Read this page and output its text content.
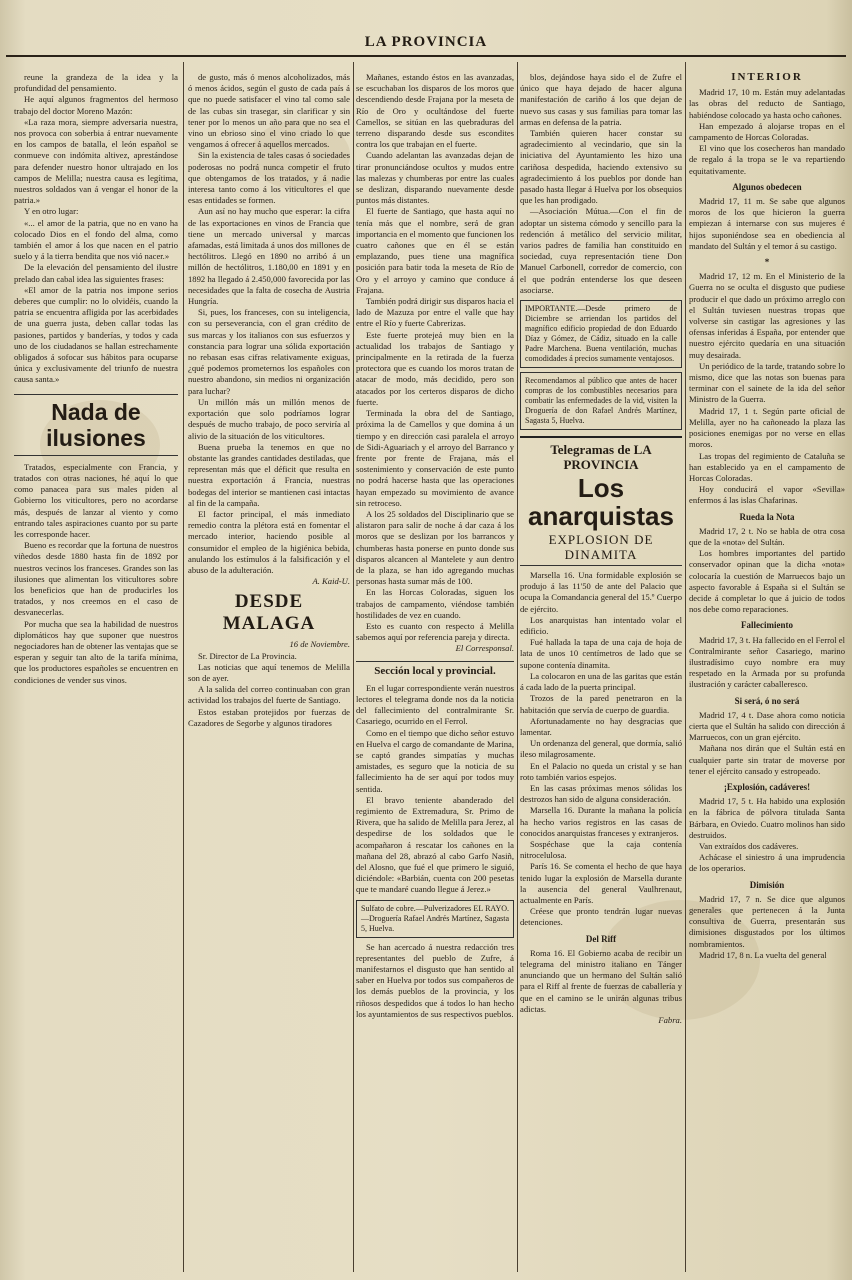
LA PROVINCIA

reune la grandeza de la idea y la profundidad del pensamiento.

He aquí algunos fragmentos del hermoso trabajo del doctor Moreno Mazón:

«La raza mora, siempre adversaria nuestra, nos provoca con soberbia á entrar nuevamente en los campos de batalla, el león español se conmueve con indómita altivez, aprestándose para defender nuestro honor ultrajado en los campos de Melilla; nuestra causa es legítima, nuestros soldados van á vengar el honor de la patria.»

Y en otro lugar:

«... el amor de la patria, que no en vano ha colocado Dios en el fondo del alma, como también el amor á los que nacen en el patrio suelo y á la tierra bendita que nos vió nacer.»

De la elevación del pensamiento del ilustre prelado dan cabal idea las siguientes frases:

«El amor de la patria nos impone serios deberes que cumplir: no lo olvidéis, cuando la patria se encuentra afligida por las acerbidades de una guerra justa, deben callar todas las pasiones, partidos y banderías, y todos y cada uno de los ciudadanos se hallan estrechamente obligados á sofocar sus hábitos para ocuparse única y exclusivamente del triunfo de nuestra causa santa.»

Nada de ilusiones

Tratados, especialmente con Francia, y tratados con otras naciones, hé aquí lo que como panacea para sus males piden al Gobierno los viticultores, pero no acordarse más, después de lanzar al viento y como entrando tales aspiraciones cuanto por su parte les corresponde hacer.

Bueno es recordar que la fortuna de nuestros viñedos desde 1880 hasta fin de 1892 por nuestros vecinos los franceses. Grandes son las ilusiones que alimentan los viticultores sobre los beneficios que han de producirles los tratados, y nos creemos en el caso de desvanecerlas.

Por mucha que sea la habilidad de nuestros diplomáticos hay que suponer que nuestros negociadores han de obtener las ventajas que se esperan y seguir tan alto de la tarifa mínima, que los productores españoles se encuentren en condiciones de vender sus vinos.

de gusto, más ó menos alcoholizados, más ó menos ácidos, según el gusto de cada país á que no puede satisfacer el vino tal como sale de las cubas sin trasegar, sin clarificar y sin tener por lo menos un año para que no sea el vino un ebrioso sino el vino criado lo que vengamos á ofrecer á aquellos mercados.

Sin la existencia de tales casas ó sociedades poderosas no podrá nunca competir el fruto que obtengamos de los tratados, y á nadie interesa tanto como á los viticultores el que esas entidades se formen.

Aun así no hay mucho que esperar: la cifra de las exportaciones en vinos de Francia que tiene un mercado universal y marcas afamadas, está limitada á unos dos millones de hectólitros. Llegó en 1890 no arribó á un millón de hectólitros, 1.180,00 en 1891 y en 1892 ha llegado á 2.450,000 favorecida por las necesidades que la falta de cosecha de Austria Hungría.

Si, pues, los franceses, con su inteligencia, con su perseverancia, con el gran crédito de sus marcas y los italianos con sus esfuerzos y constancia para lograr una sólida exportación no rebasan esas cifras relativamente exiguas, ¿qué podemos prometernos los españoles con nuestro abandono, sin medios ni organización para luchar?

Un millón más un millón menos de exportación que solo podríamos lograr después de mucho trabajo, de poco serviría al alivio de la situación de los viticultores.

Buena prueba la tenemos en que no obstante las grandes cantidades destiladas, que representan más que el déficit que resulta en nuestra exportación á Francia, nuestras bodegas del interior se mantienen casi intactas al fin de la campaña.

El factor principal, el más inmediato remedio contra la plétora está en fomentar el mercado interior, haciendo posible al consumidor el empleo de la higiénica bebida, anulando los estímulos á la falsificación y el abuso de la adulteración.

A. Kaid-U.
DESDE MALAGA
16 de Noviembre.

Sr. Director de La Provincia.

Las noticias que aquí tenemos de Melilla son de ayer.

A la salida del correo continuaban con gran actividad los trabajos del fuerte de Santiago.

Estos estaban protejidos por fuerzas de Cazadores de Segorbe y algunos tiradores

Mañanes, estando éstos en las avanzadas, se escuchaban los disparos de los moros que descendiendo desde Frajana por la meseta de Río de Oro y ocultándose del fuerte Camellos, se sitúan en las quebraduras del terreno disparando desde sus escondites contra los que trabajan en el fuerte.

Cuando adelantan las avanzadas dejan de tirar pronunciándose ocultos y mudos entre las malezas y chumberas por entre las cuales se deslizan, disparando nuevamente desde puntos más distantes.

El fuerte de Santiago, que hasta aquí no tenía más que el nombre, será de gran importancia en el momento que funcionen los cuatro cañones que en él se están emplazando, pues tiene una magnífica posición para batir toda la meseta de Río de Oro y el arroyo y camino que conduce á Frajana.

También podrá dirigir sus disparos hacia el lado de Mazuza por entre el valle que hay entre el Río y fuerte Cabrerizas.

Este fuerte protejeá muy bien en la actualidad los trabajos de Santiago y principalmente en la retirada de la fuerza protectora que es cuando los moros tratan de atacar de modo, más decidido, pero son atacados por los certeros disparos de dicho fuerte.

Terminada la obra del de Santiago, próxima la de Camellos y que domina á un tiempo y en dirección casi paralela el arroyo de Sidi-Aguariach y el arroyo del Barranco y frente por frente de Frajana, más el sostenimiento y conservación de este punto no podrá hacerse hasta que las operaciones hayan empezado su movimiento de avance sin retroceso.

A los 25 soldados del Disciplinario que se alistaron para salir de noche á dar caza á los moros que se deslizan por los barrancos y chumberas hasta ponerse en punto donde sus disparos alcancen al Mantelete y aun dentro de la plaza, se han ido agregando muchas personas hasta sumar más de 100.

En las Horcas Coloradas, siguen los trabajos de campamento, viéndose también hostilidades de vez en cuando.

Esto es cuanto con respecto á Melilla sabemos aquí por referencia pareja y directa.

El Corresponsal.
Sección local y provincial.

En el lugar correspondiente verán nuestros lectores el telegrama donde nos da la noticia del fallecimiento del contralmirante Sr. Casariego, ocurrido en el Ferrol.

Como en el tiempo que dicho señor estuvo en Huelva el cargo de comandante de Marina, se captó grandes simpatías y muchas amistades, es seguro que la noticia de su fallecimiento ha de ser aquí por todos muy sentida.

El bravo teniente abanderado del regimiento de Extremadura, Sr. Primo de Rivera, que ha salido de Melilla para Jerez, al despedirse de los soldados que le acompañaron á rescatar los cañones en la mañana del 28, abrazó al cabo Garfo Nasiñ, del Alosno, que fué el que primero le siguió, diciéndole: «Barbián, cuenta con 200 pesetas que te mandaré cuando llegue á Jerez.»

Sulfato de cobre.—Pulverizadores EL RAYO.—Droguería Rafael Andrés Martínez, Sagasta 5, Huelva.

Se han acercado á nuestra redacción tres representantes del pueblo de Zufre, á manifestarnos el disgusto que han sentido al saber en Huelva por todos sus compañeros de los demás pueblos de la provincia, y los riñosos despedidos que á todos lo han hecho los ayuntamientos de sus respectivos pueblos.

blos, dejándose haya sido el de Zufre el único que haya dejado de hacer alguna manifestación de cariño á los que dejan de nuevo sus casas y sus familias para tomar las armas en defensa de la patria.

También quieren hacer constar su agradecimiento al vecindario, que sin la iniciativa del Ayuntamiento les hizo una cariñosa despedida, haciendo extensivo su agradecimiento á los pueblos por donde han pasado hasta llegar á Huelva por los obsequios que les han prodigado.

—Asociación Mútua.—Con el fin de adoptar un sistema cómodo y sencillo para la redención á metálico del servicio militar, varios padres de familia han constituido en sociedad, cuya representación tiene Don Manuel Carbonell, corredor de comercio, con el que podrán entenderse los que deseen asociarse.

IMPORTANTE.—Desde primero de Diciembre se arriendan los partidos del magnífico edificio propiedad de don Eduardo Díaz y Gómez, de Cádiz, situado en la calle Padre Marchena. Buena ventilación, muchas comodidades á precios sumamente ventajosos.
Recomendamos al público que antes de hacer compras de los combustibles necesarios para combatir las enfermedades de la vid, visiten la Droguería de don Rafael Andrés Martínez, Sagasta 5, Huelva.
Telegramas de LA PROVINCIA
Los anarquistas
EXPLOSION DE DINAMITA

Marsella 16. Una formidable explosión se produjo á las 11'50 de ante del Palacio que ocupa la Comandancia general del 15.º Cuerpo de ejército.

Los anarquistas han intentado volar el edificio.

Fué hallada la tapa de una caja de hoja de lata de unos 10 centímetros de lado que se supone contenía dinamita.

La colocaron en una de las garitas que están á cada lado de la puerta principal.

Trozos de la pared penetraron en la habitación que servía de cuerpo de guardia.

Afortunadamente no hay desgracias que lamentar.

Un ordenanza del general, que dormía, salió ileso milagrosamente.

En el Palacio no queda un cristal y se han roto también varios espejos.

En las casas próximas menos sólidas los destrozos han sido de alguna consideración.

Marsella 16. Durante la mañana la policía ha hecho varios registros en las casas de conocidos anarquistas franceses y extranjeros.

Sospéchase que la caja contenía nitrocelulosa.

París 16. Se comenta el hecho de que haya tenido lugar la explosión de Marsella durante la ausencia del general Vaulhrenaut, actualmente en París.

Créese que pronto tendrán lugar nuevas detenciones.

Del Riff

Roma 16. El Gobierno acaba de recibir un telegrama del ministro italiano en Tánger anunciando que un hermano del Sultán salió para el Riff al frente de fuerzas de caballería y que en el camino se le unirán algunas tribus adictas.

Fabra.
INTERIOR

Madrid 17, 10 m. Están muy adelantadas las obras del reducto de Santiago, habiéndose colocado ya hasta ocho cañones.

Han empezado á alojarse tropas en el campamento de Horcas Coloradas.

El vino que los cosecheros han mandado de regalo á la tropa se le va repartiendo equitativamente.

Algunos obedecen

Madrid 17, 11 m. Se sabe que algunos moros de los que hicieron la guerra empiezan á internarse con sus mujeres é hijos suponiéndose sea en obediencia al mandato del Sultán y el temor á su castigo.

*

Madrid 17, 12 m. En el Ministerio de la Guerra no se oculta el disgusto que pudiese producir el que dado un próximo arreglo con el Sultán tuviesen nuestras tropas que volverse sin castigar las agresiones y las ofensas inferidas á España, por entender que nuestro ejército quedaría en una situación muy desairada.

Un periódico de la tarde, tratando sobre lo mismo, dice que las notas son buenas para terminar con el sainete de la ida del señor Ministro de la Guerra.

Madrid 17, 1 t. Según parte oficial de Melilla, ayer no ha cañoneado la plaza las posiciones enemigas por no verse en ellas moros.

Las tropas del regimiento de Cataluña se han establecido ya en el campamento de Horcas Coloradas.

Hoy conducirá el vapor «Sevilla» enfermos á las islas Chafarinas.

Rueda la Nota

Madrid 17, 2 t. No se habla de otra cosa que de la «nota» del Sultán.

Los hombres importantes del partido conservador opinan que la dicha «nota» colocaría la cuestión de Marruecos bajo un aspecto favorable á España si el Sultán se decide á completar lo que á juicio de todos nos debe como reparaciones.

Fallecimiento

Madrid 17, 3 t. Ha fallecido en el Ferrol el Contralmirante señor Casariego, marino ilustradísimo cuyo nombre era muy respetado en la Armada por su profunda ilustración y carácter caballeresco.

Si será, ó no será

Madrid 17, 4 t. Dase ahora como noticia cierta que el Sultán ha salido con dirección á Marruecos, con un gran ejército.

Mañana nos dirán que el Sultán está en cualquier parte sin tratar de moverse por tener el ejército cansado y estropeado.

¡Explosión, cadáveres!

Madrid 17, 5 t. Ha habido una explosión en la fábrica de pólvora titulada Santa Bárbara, en Oviedo. Cuatro molinos han sido destruidos.

Van extraídos dos cadáveres.

Achácase el siniestro á una imprudencia de los operarios.

Dimisión

Madrid 17, 7 n. Se dice que algunos generales que pertenecen á la Junta consultiva de Guerra, presentarán sus dimisiones disgustados por los últimos nombramientos.

Madrid 17, 8 n. La vuelta del general
